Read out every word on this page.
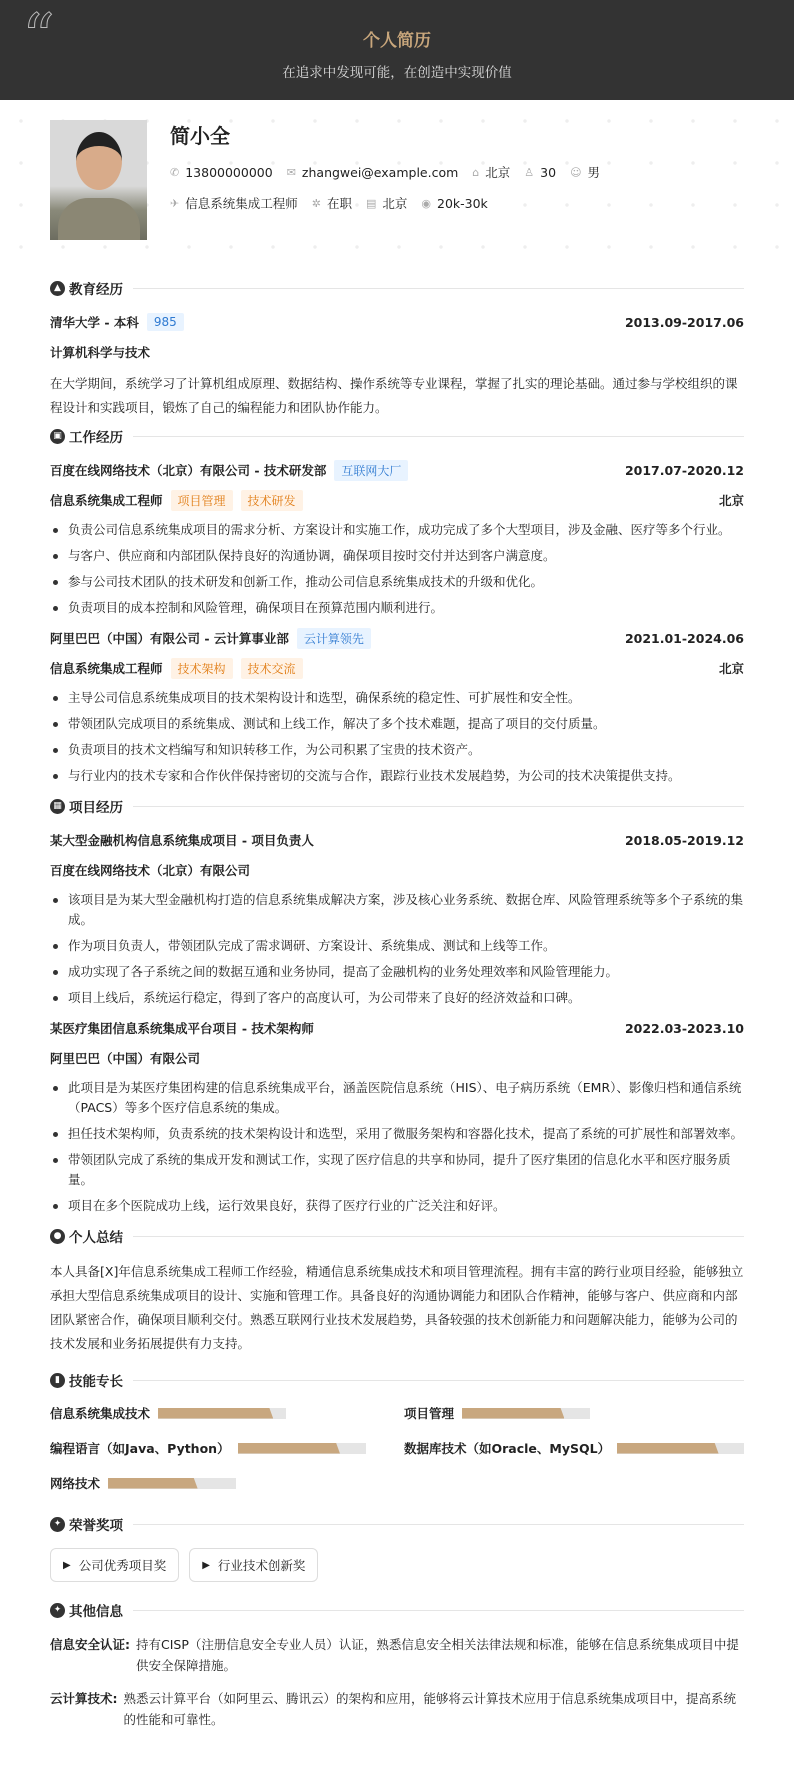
“	个人简历
在追求中发现可能，在创造中实现价值
简小全
✆ 13800000000 ✉ zhangwei@example.com ⌂ 北京 ♙ 30 ☺ 男
✈ 信息系统集成工程师 ✲ 在职 ▤ 北京 ◉ 20k-30k
▲ 教育经历
清华大学 - 本科	985	2013.09-2017.06
计算机科学与技术

在大学期间，系统学习了计算机组成原理、数据结构、操作系统等专业课程，掌握了扎实的理论基础。通过参与学校组织的课程设计和实践项目，锻炼了自己的编程能力和团队协作能力。

▣ 工作经历
百度在线网络技术（北京）有限公司 - 技术研发部	互联网大厂	2017.07-2020.12
信息系统集成工程师	项目管理	技术研发	北京
负责公司信息系统集成项目的需求分析、方案设计和实施工作，成功完成了多个大型项目，涉及金融、医疗等多个行业。
与客户、供应商和内部团队保持良好的沟通协调，确保项目按时交付并达到客户满意度。
参与公司技术团队的技术研发和创新工作，推动公司信息系统集成技术的升级和优化。
负责项目的成本控制和风险管理，确保项目在预算范围内顺利进行。
阿里巴巴（中国）有限公司 - 云计算事业部	云计算领先	2021.01-2024.06
信息系统集成工程师	技术架构	技术交流	北京
主导公司信息系统集成项目的技术架构设计和选型，确保系统的稳定性、可扩展性和安全性。
带领团队完成项目的系统集成、测试和上线工作，解决了多个技术难题，提高了项目的交付质量。
负责项目的技术文档编写和知识转移工作，为公司积累了宝贵的技术资产。
与行业内的技术专家和合作伙伴保持密切的交流与合作，跟踪行业技术发展趋势，为公司的技术决策提供支持。
▦ 项目经历
某大型金融机构信息系统集成项目 - 项目负责人	2018.05-2019.12
百度在线网络技术（北京）有限公司
该项目是为某大型金融机构打造的信息系统集成解决方案，涉及核心业务系统、数据仓库、风险管理系统等多个子系统的集成。
作为项目负责人，带领团队完成了需求调研、方案设计、系统集成、测试和上线等工作。
成功实现了各子系统之间的数据互通和业务协同，提高了金融机构的业务处理效率和风险管理能力。
项目上线后，系统运行稳定，得到了客户的高度认可，为公司带来了良好的经济效益和口碑。
某医疗集团信息系统集成平台项目 - 技术架构师	2022.03-2023.10
阿里巴巴（中国）有限公司
此项目是为某医疗集团构建的信息系统集成平台，涵盖医院信息系统（HIS）、电子病历系统（EMR）、影像归档和通信系统（PACS）等多个医疗信息系统的集成。
担任技术架构师，负责系统的技术架构设计和选型，采用了微服务架构和容器化技术，提高了系统的可扩展性和部署效率。
带领团队完成了系统的集成开发和测试工作，实现了医疗信息的共享和协同，提升了医疗集团的信息化水平和医疗服务质量。
项目在多个医院成功上线，运行效果良好，获得了医疗行业的广泛关注和好评。
● 个人总结

本人具备[X]年信息系统集成工程师工作经验，精通信息系统集成技术和项目管理流程。拥有丰富的跨行业项目经验，能够独立承担大型信息系统集成项目的设计、实施和管理工作。具备良好的沟通协调能力和团队合作精神，能够与客户、供应商和内部团队紧密合作，确保项目顺利交付。熟悉互联网行业技术发展趋势，具备较强的技术创新能力和问题解决能力，能够为公司的技术发展和业务拓展提供有力支持。

▮ 技能专长
信息系统集成技术	项目管理
编程语言（如Java、Python）	数据库技术（如Oracle、MySQL）
网络技术
✦ 荣誉奖项
▶ 公司优秀项目奖	▶ 行业技术创新奖
✦ 其他信息
信息安全认证: 持有CISP（注册信息安全专业人员）认证，熟悉信息安全相关法律法规和标准，能够在信息系统集成项目中提供安全保障措施。
云计算技术: 熟悉云计算平台（如阿里云、腾讯云）的架构和应用，能够将云计算技术应用于信息系统集成项目中，提高系统的性能和可靠性。
